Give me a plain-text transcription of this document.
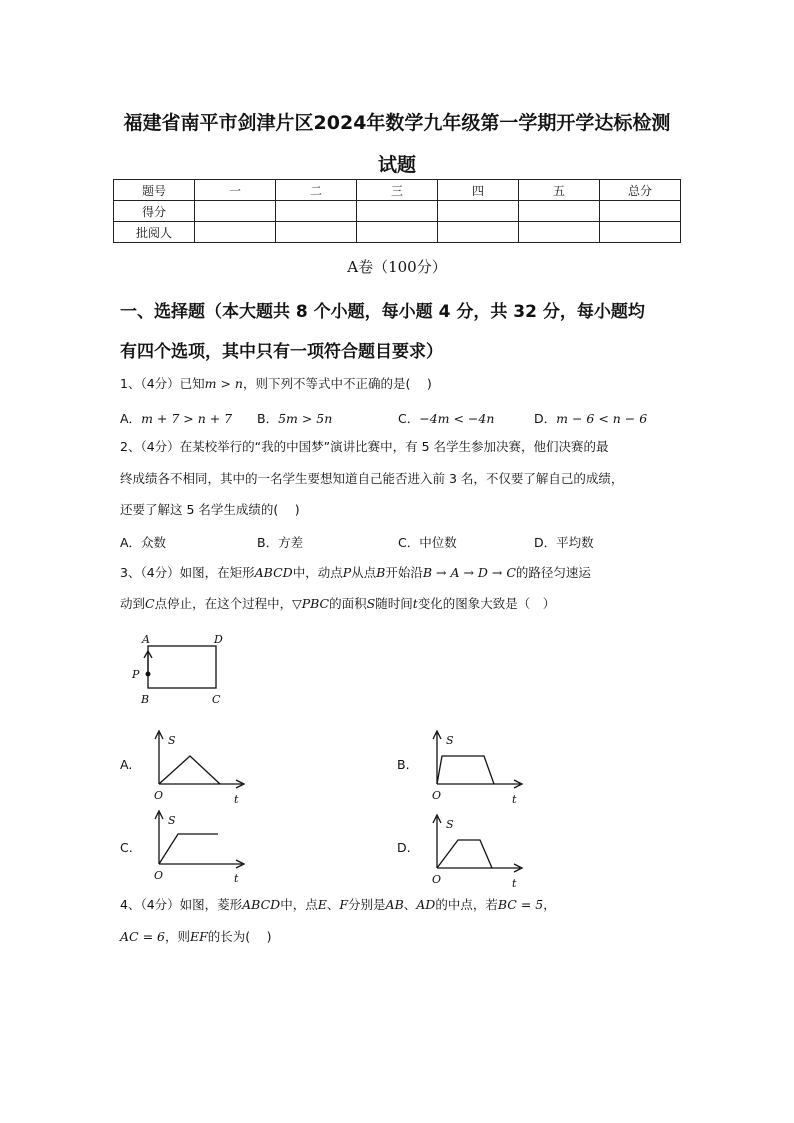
福建省南平市剑津片区2024年数学九年级第一学期开学达标检测
试题
题号	一	二	三	四	五	总分
得分						
批阅人						
A卷（100分）
一、选择题（本大题共 8 个小题，每小题 4 分，共 32 分，每小题均
有四个选项，其中只有一项符合题目要求）
1、（4分）已知m > n，则下列不等式中不正确的是(　 )
A．m + 7 > n + 7 B．5m > 5n	C．−4m < −4n	D．m − 6 < n − 6
2、（4分）在某校举行的“我的中国梦”演讲比赛中，有 5 名学生参加决赛，他们决赛的最
终成绩各不相同，其中的一名学生要想知道自己能否进入前 3 名，不仅要了解自己的成绩，
还要了解这 5 名学生成绩的(　 )
A．众数	B．方差	C．中位数	D．平均数
3、（4分）如图，在矩形ABCD中，动点P从点B开始沿B → A → D → C的路径匀速运
动到C点停止，在这个过程中，▽PBC的面积S随时间t变化的图象大致是（　）
A	D
P
B	C
A.
S
O	t
B.
S
O	t
C.
S
O	t
D.
S
O	t
4、（4分）如图，菱形ABCD中，点E、F分别是AB、AD的中点，若BC = 5，
AC = 6，则EF的长为(　 )
